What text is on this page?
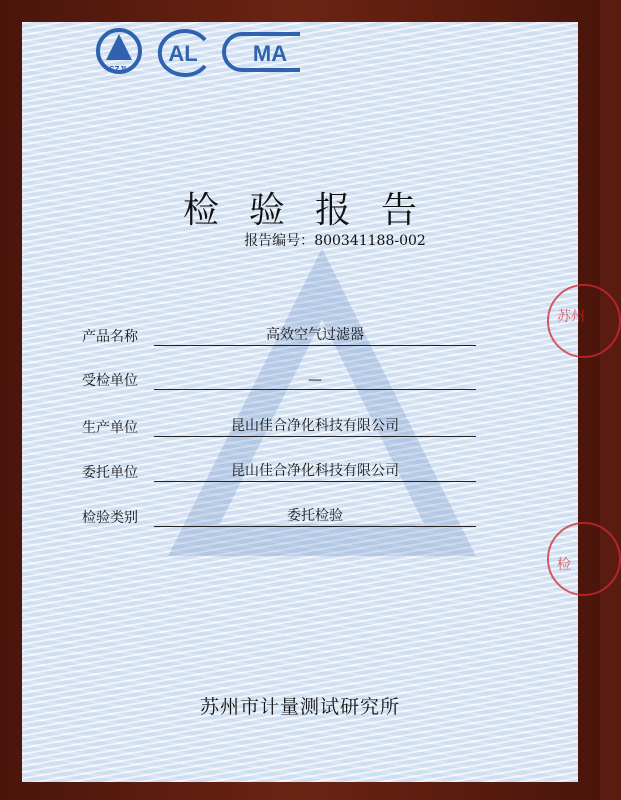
SZJL
AL	MA
检验报告
报告编号：800341188-002
产品名称	高效空气过滤器
受检单位	—
生产单位	昆山佳合净化科技有限公司
委托单位	昆山佳合净化科技有限公司
检验类别	委托检验
苏州市计量测试研究所
苏州
检
